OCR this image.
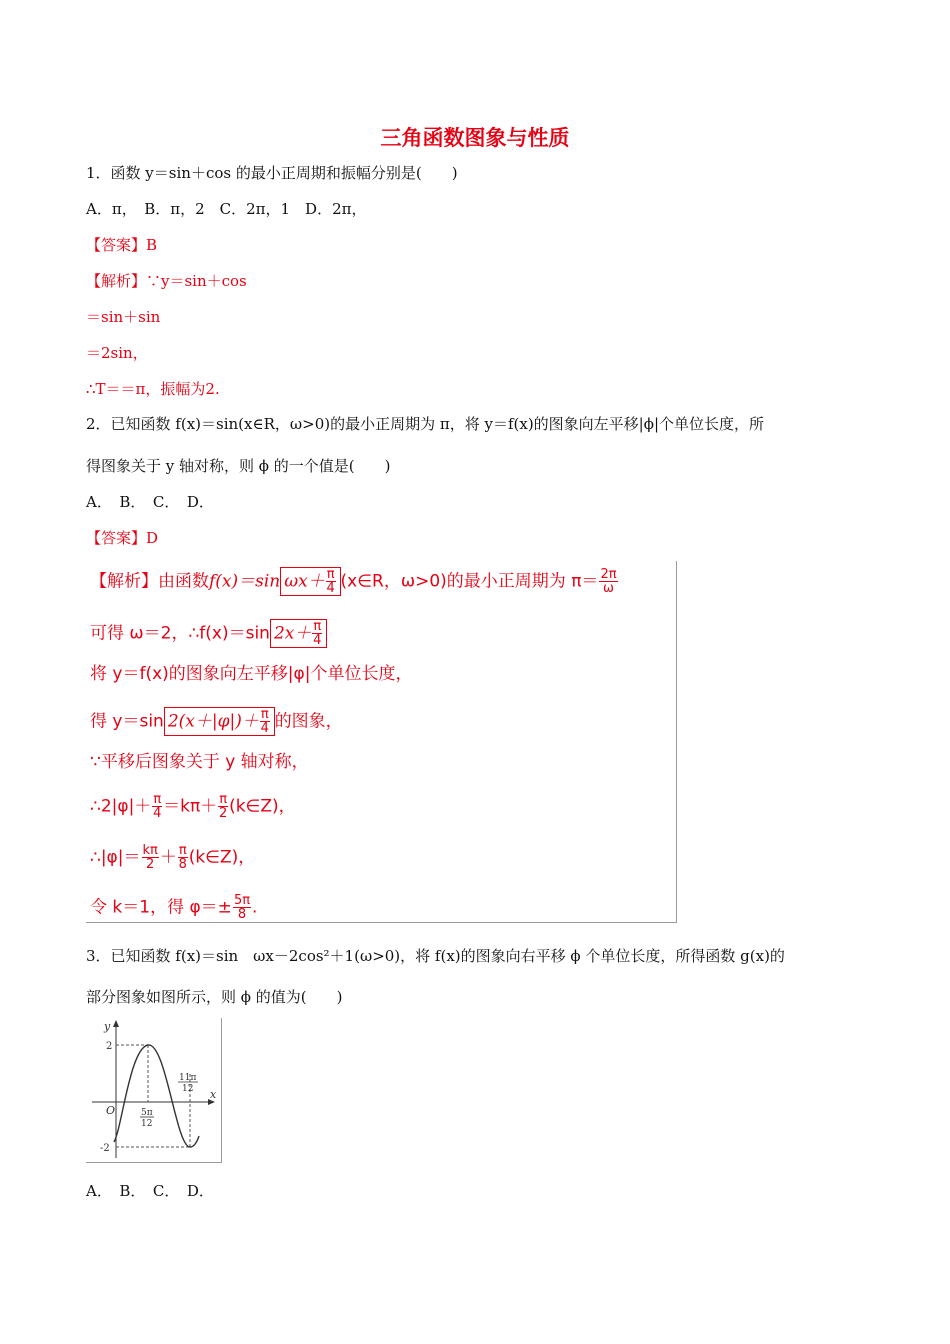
三角函数图象与性质
1．函数 y＝sin＋cos 的最小正周期和振幅分别是(　　)
A．π，　B．π，2　C．2π，1　D．2π，
【答案】B
【解析】∵y＝sin＋cos
＝sin＋sin
＝2sin，
∴T＝＝π，振幅为2.
2．已知函数 f(x)＝sin(x∈R，ω>0)的最小正周期为 π，将 y＝f(x)的图象向左平移|ϕ|个单位长度，所
得图象关于 y 轴对称，则 ϕ 的一个值是(　　)
A．　B．　C．　D．
【答案】D
【解析】由函数f(x)＝sin $\omega x+ \frac{\pi}{4}$ (x∈R，ω>0)的最小正周期为 $\pi= \frac{2\pi}{\omega}$
可得 ω＝2，∴f(x)＝sin $2x+ \frac{\pi}{4}$
将 y＝f(x)的图象向左平移|φ|个单位长度，
得 y＝sin $2(x+|\varphi|)+ \frac{\pi}{4}$ 的图象，
∵平移后图象关于 y 轴对称，
∴2|φ|＋ $\frac{\pi}{4} =k\pi+ \frac{\pi}{2}$ (k∈Z)，
∴|φ|＝ $\frac{k\pi}{2} + \frac{\pi}{8}$ (k∈Z)，
令 k＝1，得 $\varphi=\pm \frac{5\pi}{8}$ .
3．已知函数 f(x)＝sin　ωx－2cos²＋1(ω>0)，将 f(x)的图象向右平移 ϕ 个单位长度，所得函数 g(x)的
部分图象如图所示，则 ϕ 的值为(　　)
y
x
O
2
-2
5π
12
11π
12
A．　B．　C．　D．
